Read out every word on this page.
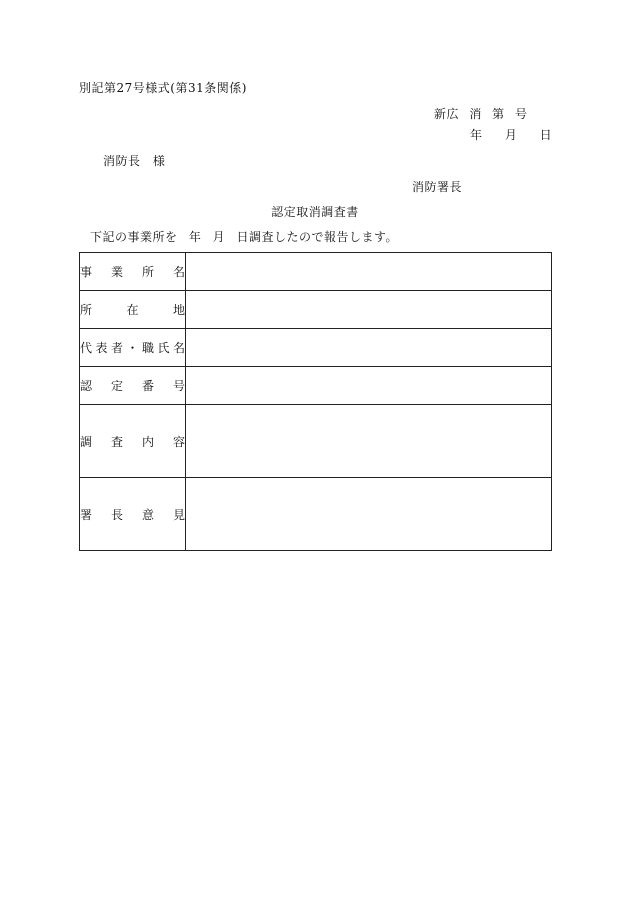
別記第27号様式(第31条関係)
新広 消 第 号
年 月 日
消防長 様
消防署長
認定取消調査書
下記の事業所を 年 月 日調査したので報告します。
事 業 所 名	

所 在 地	

代表者・職氏名	

認 定 番 号	

調 査 内 容	

署 長 意 見	
